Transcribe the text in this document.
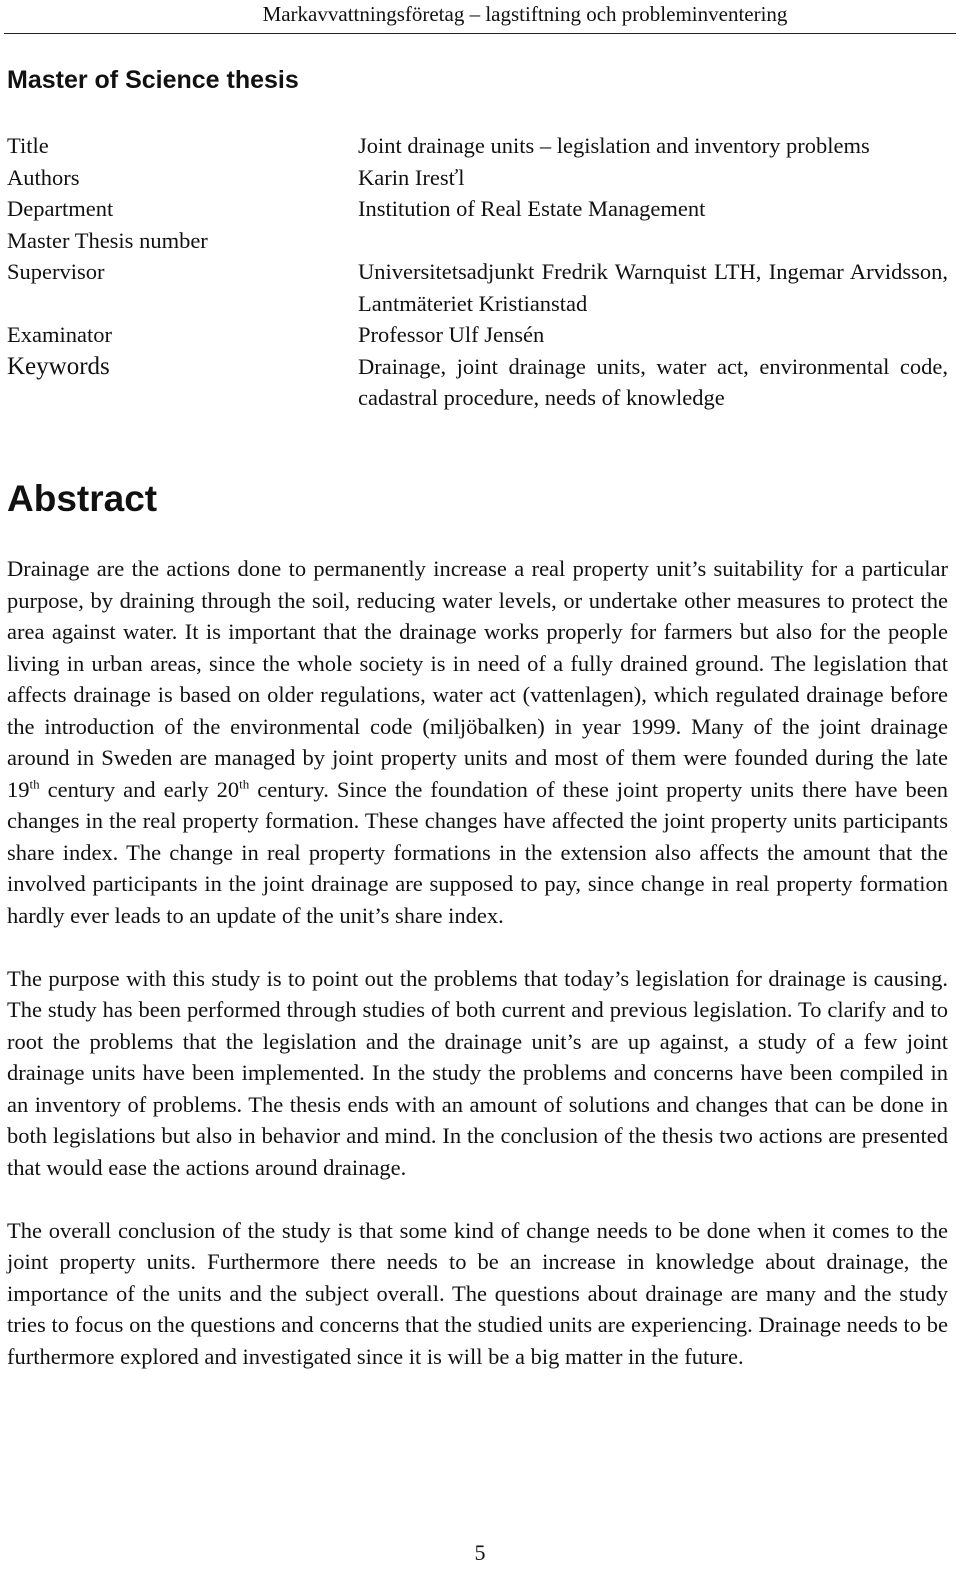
Markavvattningsföretag – lagstiftning och probleminventering
Master of Science thesis
Title	Joint drainage units – legislation and inventory problems
Authors	Karin Iresťl
Department	Institution of Real Estate Management
Master Thesis number
Supervisor	Universitetsadjunkt Fredrik Warnquist LTH, Ingemar Arvidsson, Lantmäteriet Kristianstad
Examinator	Professor Ulf Jensén
Keywords	Drainage, joint drainage units, water act, environmental code, cadastral procedure, needs of knowledge
Abstract

Drainage are the actions done to permanently increase a real property unit’s suitability for a particular purpose, by draining through the soil, reducing water levels, or undertake other measures to protect the area against water. It is important that the drainage works properly for farmers but also for the people living in urban areas, since the whole society is in need of a fully drained ground. The legislation that affects drainage is based on older regulations, water act (vattenlagen), which regulated drainage before the introduction of the environmental code (miljöbalken) in year 1999. Many of the joint drainage around in Sweden are managed by joint property units and most of them were founded during the late 19th century and early 20th century. Since the foundation of these joint property units there have been changes in the real property formation. These changes have affected the joint property units participants share index. The change in real property formations in the extension also affects the amount that the involved participants in the joint drainage are supposed to pay, since change in real property formation hardly ever leads to an update of the unit’s share index.

The purpose with this study is to point out the problems that today’s legislation for drainage is causing. The study has been performed through studies of both current and previous legislation. To clarify and to root the problems that the legislation and the drainage unit’s are up against, a study of a few joint drainage units have been implemented. In the study the problems and concerns have been compiled in an inventory of problems. The thesis ends with an amount of solutions and changes that can be done in both legislations but also in behavior and mind. In the conclusion of the thesis two actions are presented that would ease the actions around drainage.

The overall conclusion of the study is that some kind of change needs to be done when it comes to the joint property units. Furthermore there needs to be an increase in knowledge about drainage, the importance of the units and the subject overall. The questions about drainage are many and the study tries to focus on the questions and concerns that the studied units are experiencing. Drainage needs to be furthermore explored and investigated since it is will be a big matter in the future.

5
